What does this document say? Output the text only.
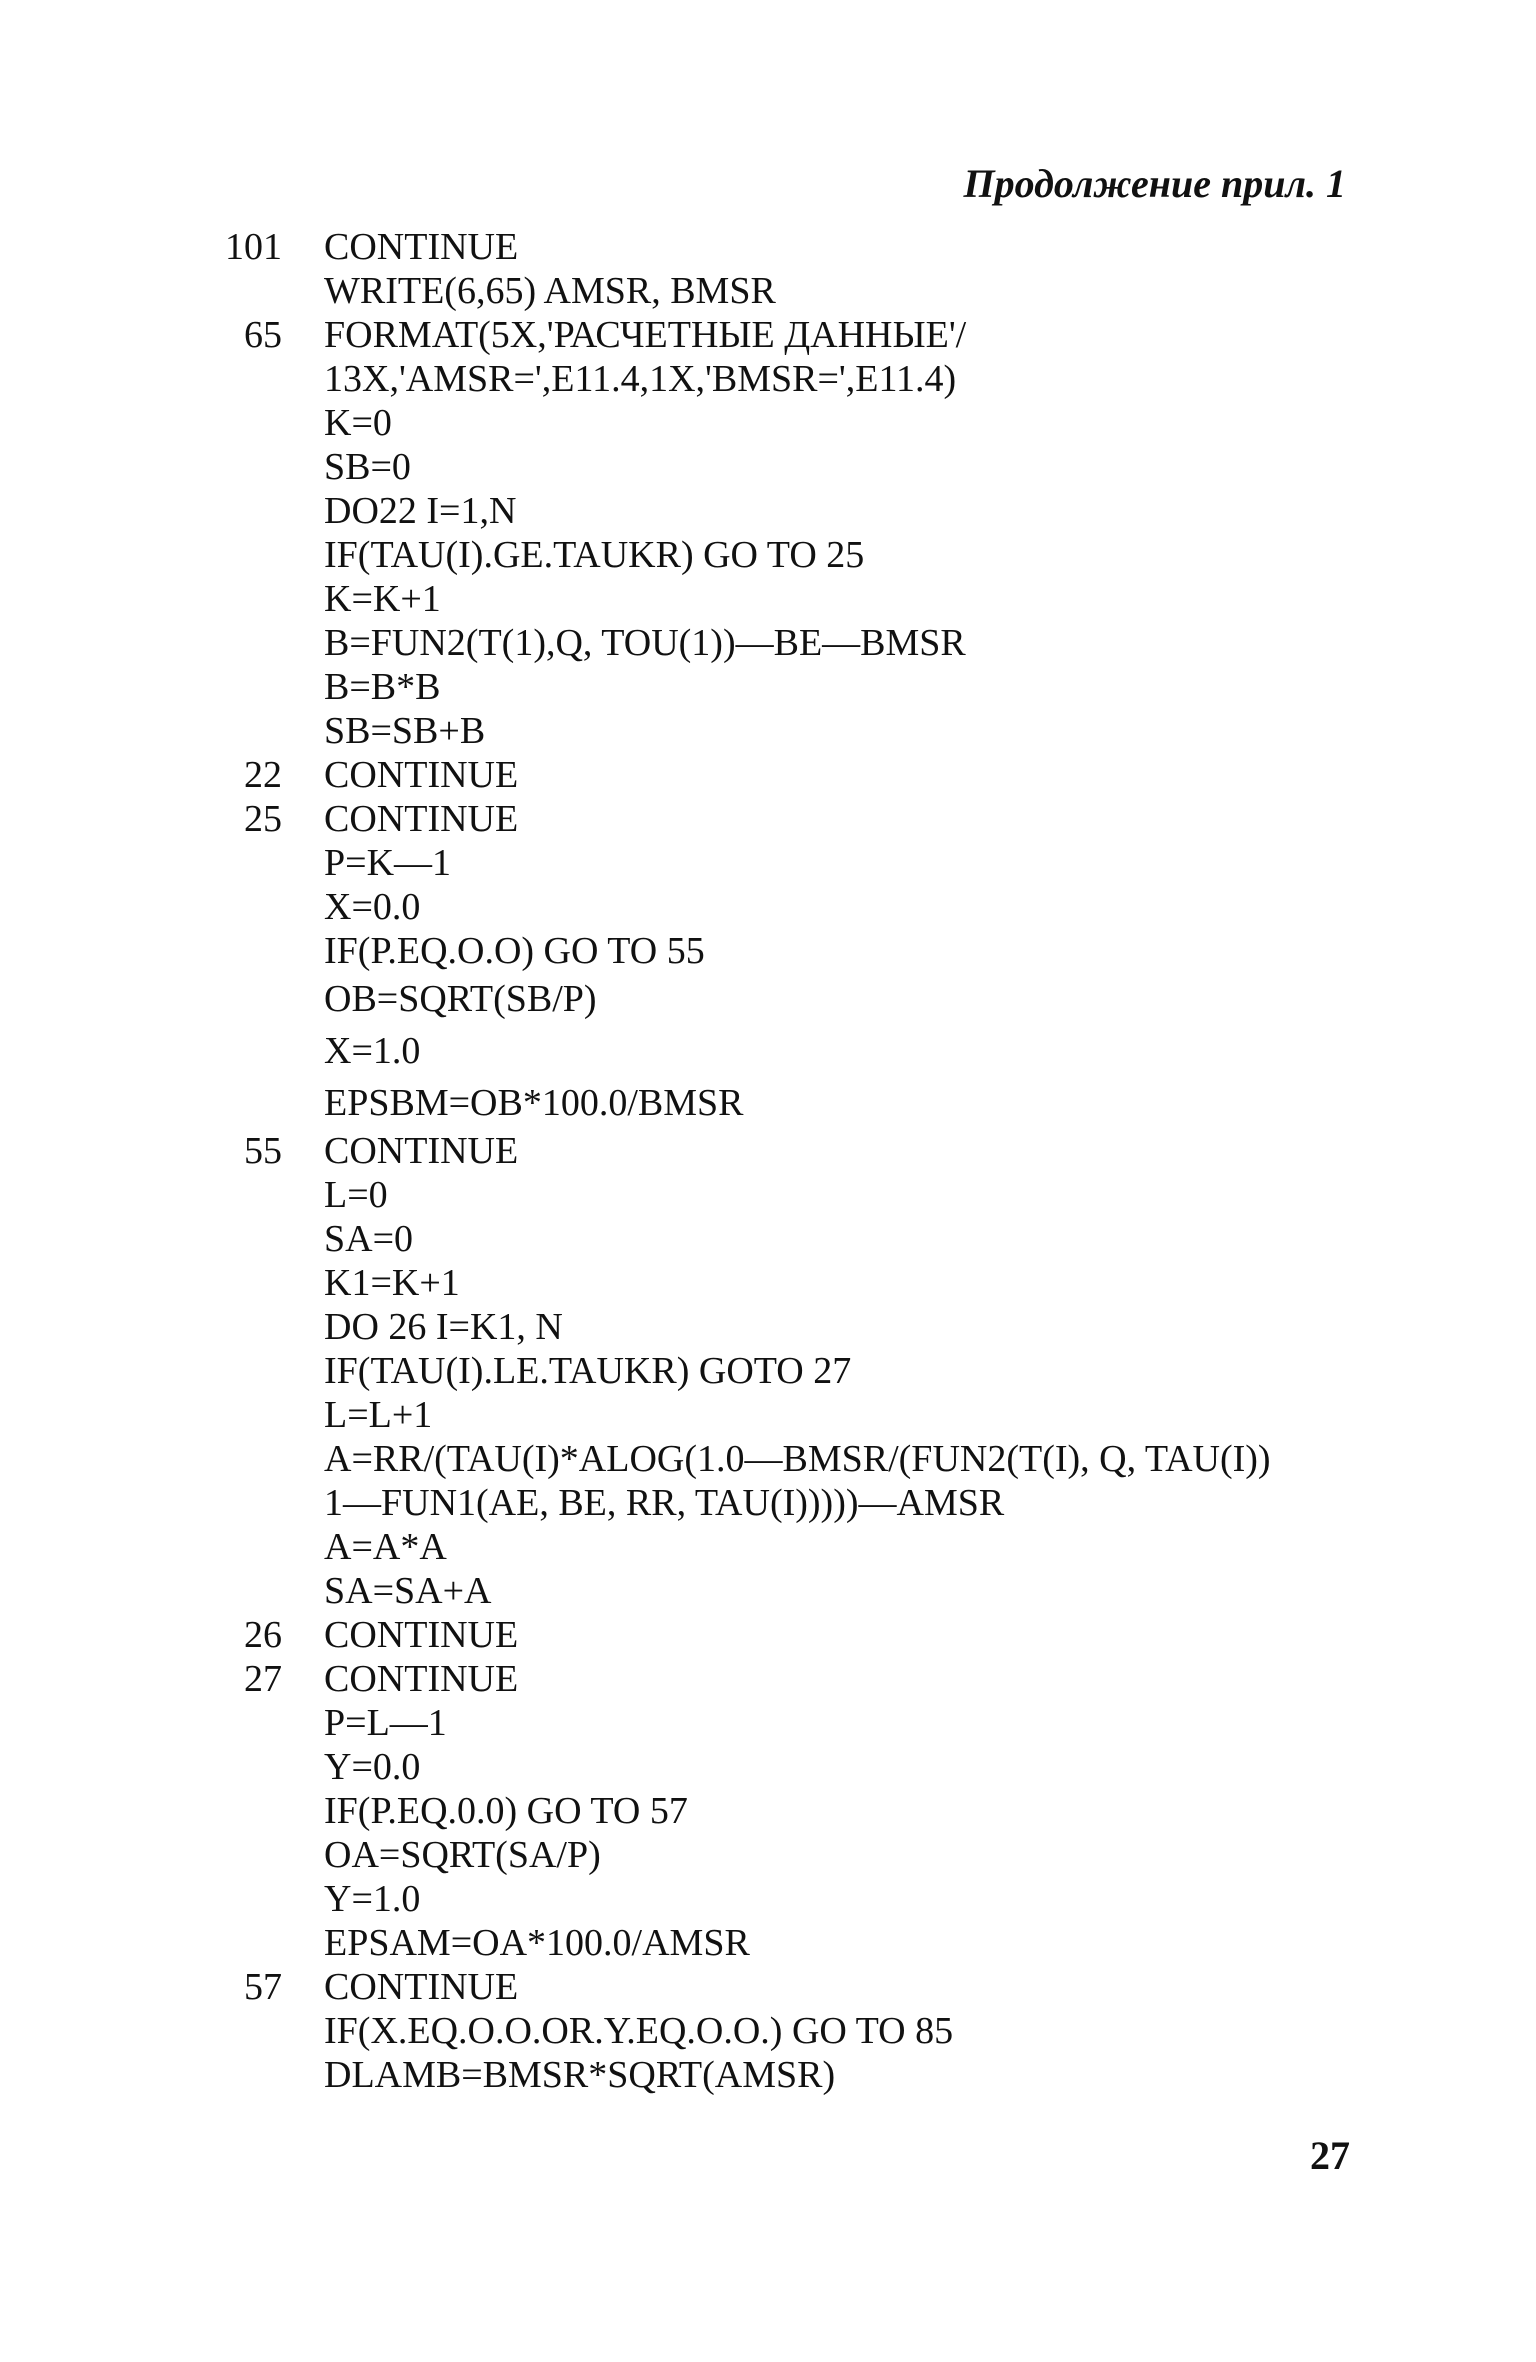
Продолжение прил. 1
101	CONTINUE
WRITE(6,65) AMSR, BMSR
65	FORMAT(5X,'РАСЧЕТНЫЕ ДАННЫЕ'/
13X,'AMSR=',E11.4,1X,'BMSR=',E11.4)
K=0
SB=0
DO22 I=1,N
IF(TAU(I).GE.TAUKR) GO TO 25
K=K+1
B=FUN2(T(1),Q, TOU(1))—BE—BMSR
B=B*B
SB=SB+B
22	CONTINUE
25	CONTINUE
P=K—1
X=0.0
IF(P.EQ.O.O) GO TO 55
OB=SQRT(SB/P)
X=1.0
EPSBM=OB*100.0/BMSR
55	CONTINUE
L=0
SA=0
K1=K+1
DO 26 I=K1, N
IF(TAU(I).LE.TAUKR) GOTO 27
L=L+1
A=RR/(TAU(I)*ALOG(1.0—BMSR/(FUN2(T(I), Q, TAU(I))
1—FUN1(AE, BE, RR, TAU(I)))))—AMSR
A=A*A
SA=SA+A
26	CONTINUE
27	CONTINUE
P=L—1
Y=0.0
IF(P.EQ.0.0) GO TO 57
OA=SQRT(SA/P)
Y=1.0
EPSAM=OA*100.0/AMSR
57	CONTINUE
IF(X.EQ.O.O.OR.Y.EQ.O.O.) GO TO 85
DLAMB=BMSR*SQRT(AMSR)
27
